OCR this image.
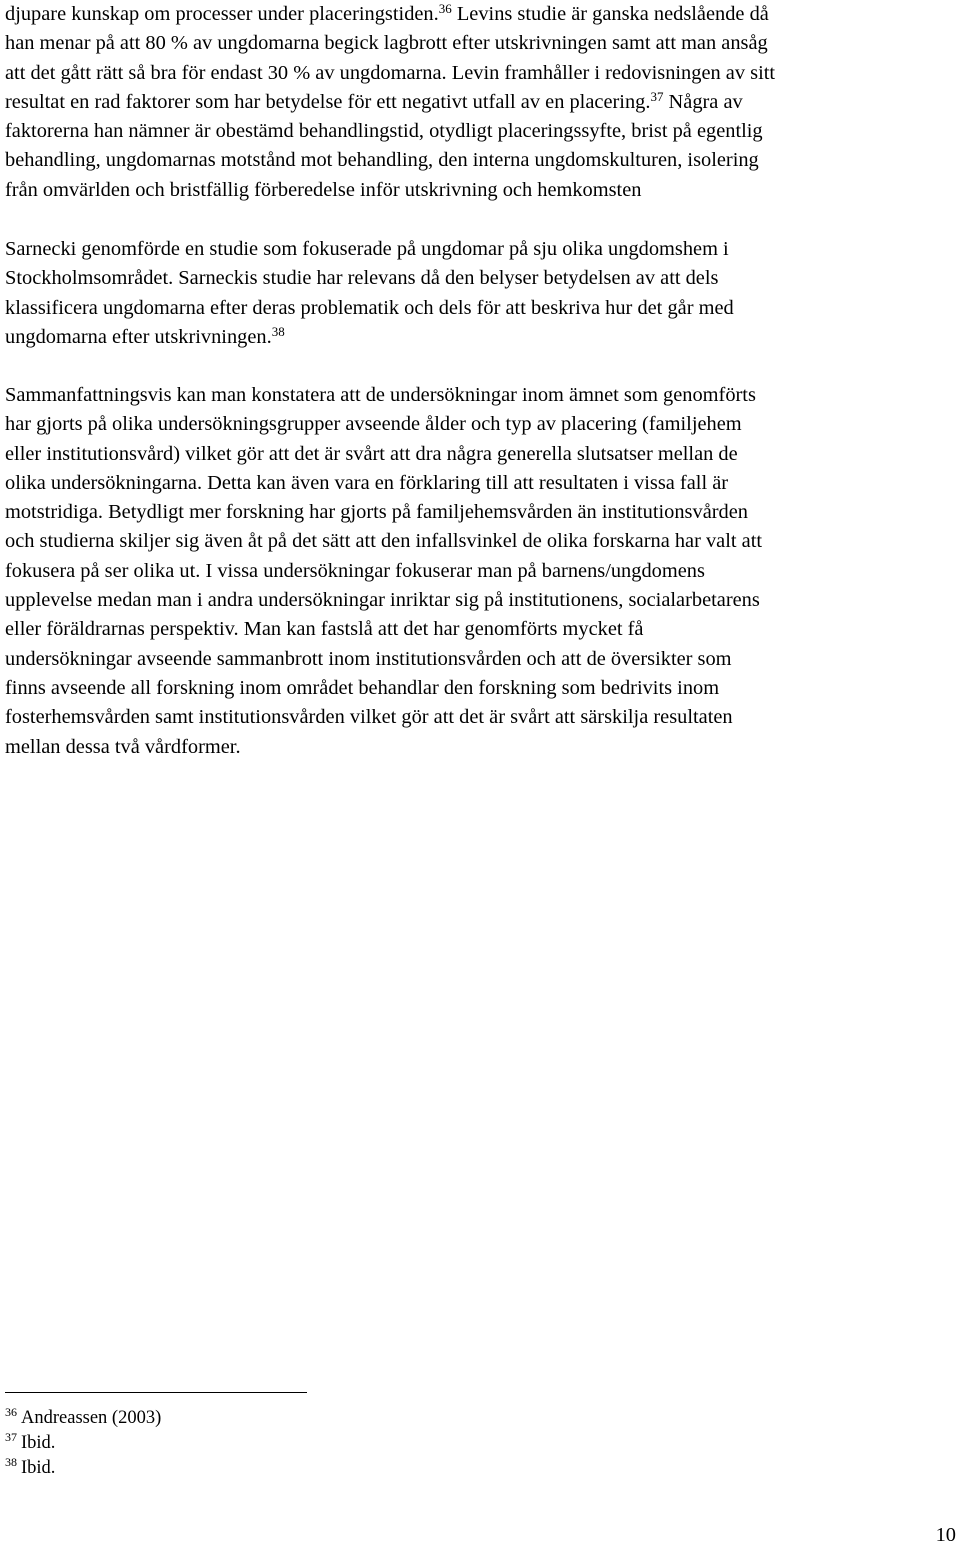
djupare kunskap om processer under placeringstiden.$^{36}$ Levins studie är ganska nedslående då
han menar på att 80 % av ungdomarna begick lagbrott efter utskrivningen samt att man ansåg
att det gått rätt så bra för endast 30 % av ungdomarna. Levin framhåller i redovisningen av sitt
resultat en rad faktorer som har betydelse för ett negativt utfall av en placering.$^{37}$ Några av
faktorerna han nämner är obestämd behandlingstid, otydligt placeringssyfte, brist på egentlig
behandling, ungdomarnas motstånd mot behandling, den interna ungdomskulturen, isolering
från omvärlden och bristfällig förberedelse inför utskrivning och hemkomsten
Sarnecki genomförde en studie som fokuserade på ungdomar på sju olika ungdomshem i
Stockholmsområdet. Sarneckis studie har relevans då den belyser betydelsen av att dels
klassificera ungdomarna efter deras problematik och dels för att beskriva hur det går med
ungdomarna efter utskrivningen.$^{38}$
Sammanfattningsvis kan man konstatera att de undersökningar inom ämnet som genomförts
har gjorts på olika undersökningsgrupper avseende ålder och typ av placering (familjehem
eller institutionsvård) vilket gör att det är svårt att dra några generella slutsatser mellan de
olika undersökningarna. Detta kan även vara en förklaring till att resultaten i vissa fall är
motstridiga. Betydligt mer forskning har gjorts på familjehemsvården än institutionsvården
och studierna skiljer sig även åt på det sätt att den infallsvinkel de olika forskarna har valt att
fokusera på ser olika ut. I vissa undersökningar fokuserar man på barnens/ungdomens
upplevelse medan man i andra undersökningar inriktar sig på institutionens, socialarbetarens
eller föräldrarnas perspektiv. Man kan fastslå att det har genomförts mycket få
undersökningar avseende sammanbrott inom institutionsvården och att de översikter som
finns avseende all forskning inom området behandlar den forskning som bedrivits inom
fosterhemsvården samt institutionsvården vilket gör att det är svårt att särskilja resultaten
mellan dessa två vårdformer.
$^{36}$ Andreassen (2003)
$^{37}$ Ibid.
$^{38}$ Ibid.
10
